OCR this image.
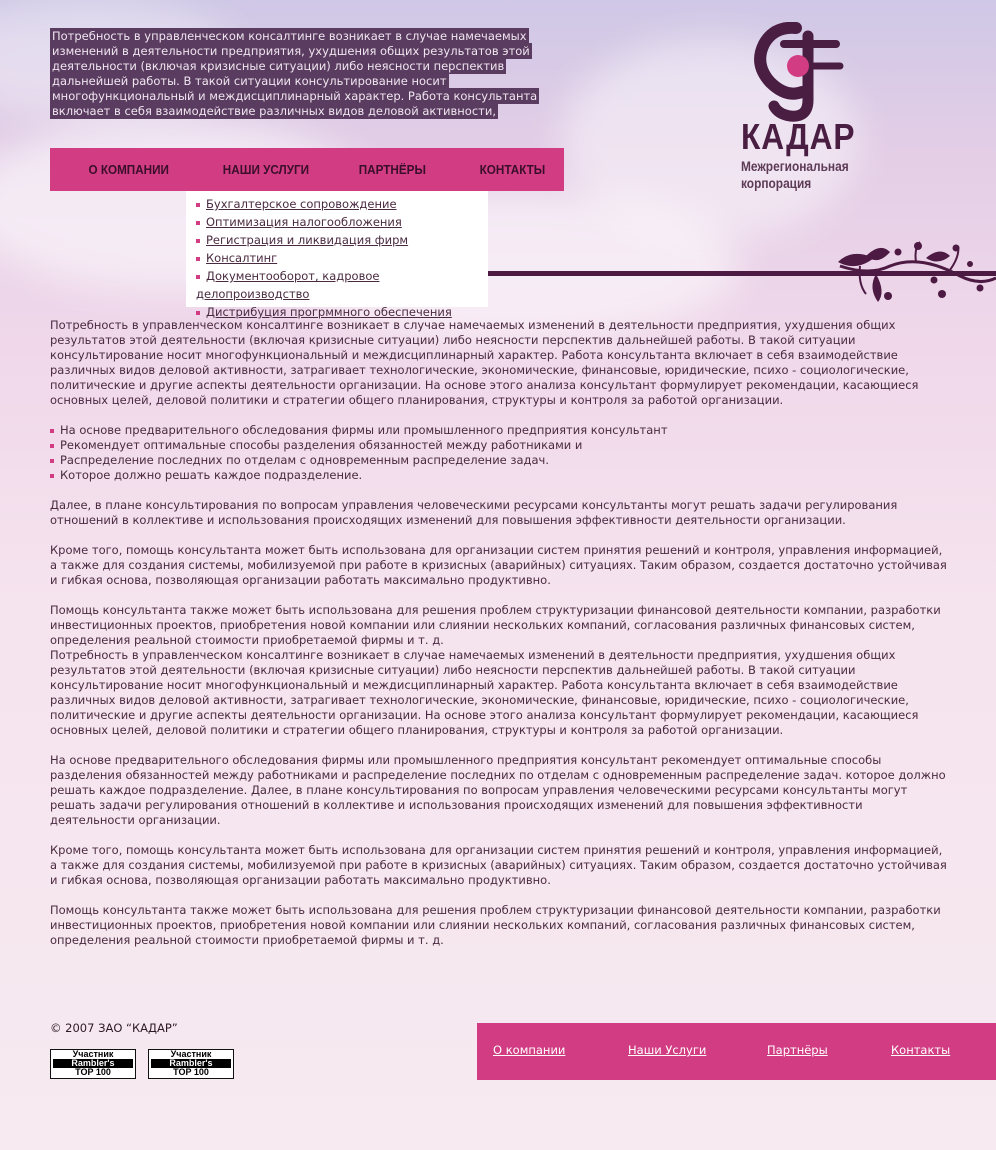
Потребность в управленческом консалтинге возникает в случае намечаемых изменений в деятельности предприятия, ухудшения общих результатов этой деятельности (включая кризисные ситуации) либо неясности перспектив дальнейшей работы. В такой ситуации консультирование носит многофункциональный и междисциплинарный характер. Работа консультанта включает в себя взаимодействие различных видов деловой активности,
КАДАР
Межрегиональная
корпорация
О КОМПАНИИ	НАШИ УСЛУГИ	ПАРТНЁРЫ	КОНТАКТЫ
Бухгалтерское сопровождение
Оптимизация налогообложения
Регистрация и ликвидация фирм
Консалтинг
Документооборот, кадровое делопроизводство
Дистрибуция прогрммного обеспечения

Потребность в управленческом консалтинге возникает в случае намечаемых изменений в деятельности предприятия, ухудшения общих результатов этой деятельности (включая кризисные ситуации) либо неясности перспектив дальнейшей работы. В такой ситуации консультирование носит многофункциональный и междисциплинарный характер. Работа консультанта включает в себя взаимодействие различных видов деловой активности, затрагивает технологические, экономические, финансовые, юридические, психо - социологические, политические и другие аспекты деятельности организации. На основе этого анализа консультант формулирует рекомендации, касающиеся основных целей, деловой политики и стратегии общего планирования, структуры и контроля за работой организации.

На основе предварительного обследования фирмы или промышленного предприятия консультант
Рекомендует оптимальные способы разделения обязанностей между работниками и
Распределение последних по отделам с одновременным распределение задач.
Которое должно решать каждое подразделение.

Далее, в плане консультирования по вопросам управления человеческими ресурсами консультанты могут решать задачи регулирования отношений в коллективе и использования происходящих изменений для повышения эффективности деятельности организации.

Кроме того, помощь консультанта может быть использована для организации систем принятия решений и контроля, управления информацией, а также для создания системы, мобилизуемой при работе в кризисных (аварийных) ситуациях. Таким образом, создается достаточно устойчивая и гибкая основа, позволяющая организации работать максимально продуктивно.

Помощь консультанта также может быть использована для решения проблем структуризации финансовой деятельности компании, разработки инвестиционных проектов, приобретения новой компании или слиянии нескольких компаний, согласования различных финансовых систем, определения реальной стоимости приобретаемой фирмы и т. д.

Потребность в управленческом консалтинге возникает в случае намечаемых изменений в деятельности предприятия, ухудшения общих результатов этой деятельности (включая кризисные ситуации) либо неясности перспектив дальнейшей работы. В такой ситуации консультирование носит многофункциональный и междисциплинарный характер. Работа консультанта включает в себя взаимодействие различных видов деловой активности, затрагивает технологические, экономические, финансовые, юридические, психо - социологические, политические и другие аспекты деятельности организации. На основе этого анализа консультант формулирует рекомендации, касающиеся основных целей, деловой политики и стратегии общего планирования, структуры и контроля за работой организации.

На основе предварительного обследования фирмы или промышленного предприятия консультант рекомендует оптимальные способы разделения обязанностей между работниками и распределение последних по отделам с одновременным распределение задач. которое должно решать каждое подразделение. Далее, в плане консультирования по вопросам управления человеческими ресурсами консультанты могут решать задачи регулирования отношений в коллективе и использования происходящих изменений для повышения эффективности деятельности организации.

Кроме того, помощь консультанта может быть использована для организации систем принятия решений и контроля, управления информацией, а также для создания системы, мобилизуемой при работе в кризисных (аварийных) ситуациях. Таким образом, создается достаточно устойчивая и гибкая основа, позволяющая организации работать максимально продуктивно.

Помощь консультанта также может быть использована для решения проблем структуризации финансовой деятельности компании, разработки инвестиционных проектов, приобретения новой компании или слиянии нескольких компаний, согласования различных финансовых систем, определения реальной стоимости приобретаемой фирмы и т. д.

© 2007 ЗАО “КАДАР”
Участник
Rambler's
TOP 100
Участник
Rambler's
TOP 100
О компании	Наши Услуги	Партнёры	Контакты
